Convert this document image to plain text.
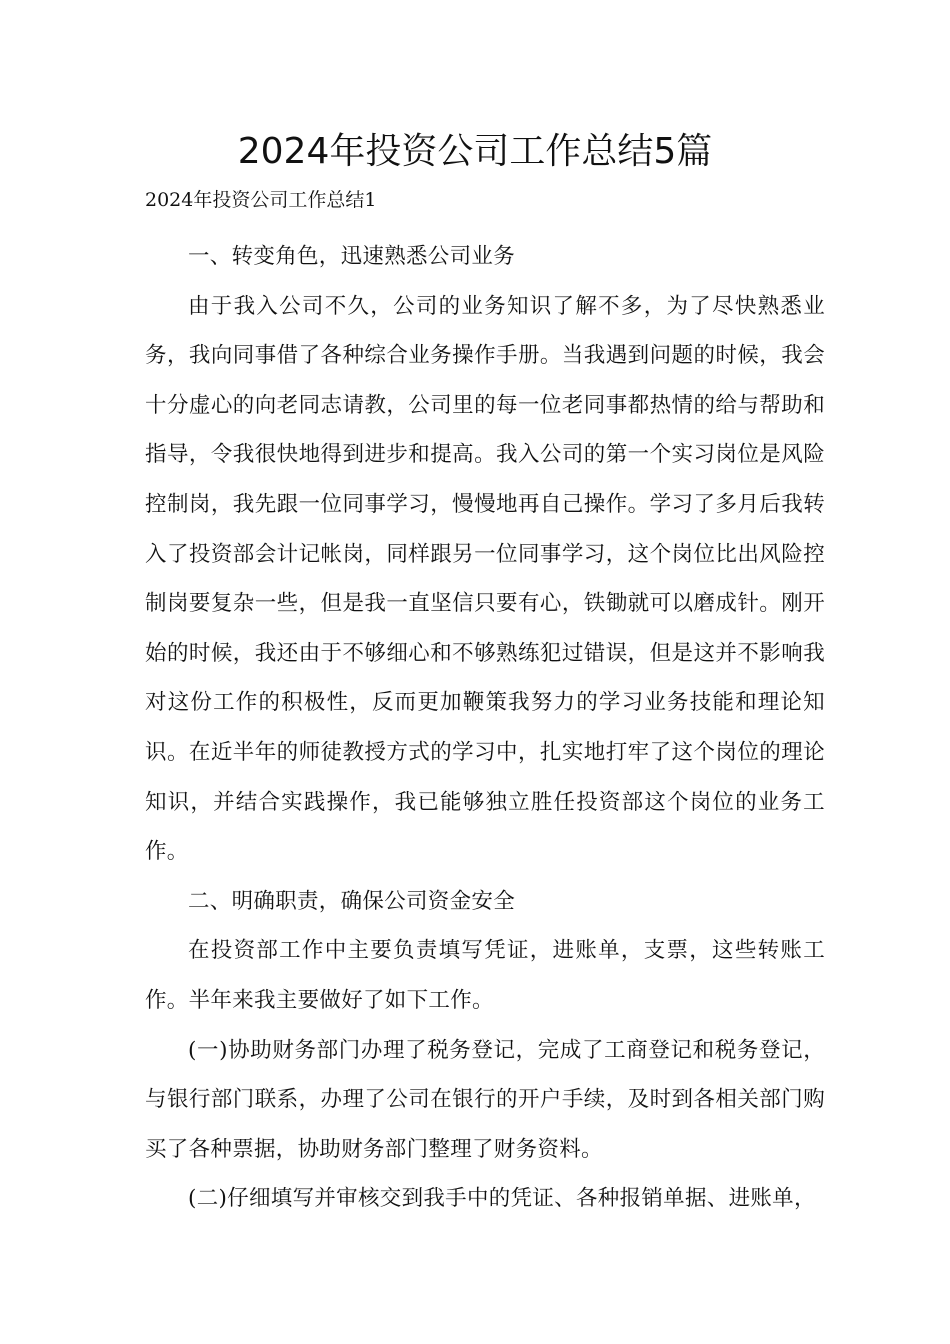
2024年投资公司工作总结5篇

2024年投资公司工作总结1

一、转变角色，迅速熟悉公司业务

由于我入公司不久，公司的业务知识了解不多，为了尽快熟悉业务，我向同事借了各种综合业务操作手册。当我遇到问题的时候，我会十分虚心的向老同志请教，公司里的每一位老同事都热情的给与帮助和指导，令我很快地得到进步和提高。我入公司的第一个实习岗位是风险控制岗，我先跟一位同事学习，慢慢地再自己操作。学习了多月后我转入了投资部会计记帐岗，同样跟另一位同事学习，这个岗位比出风险控制岗要复杂一些，但是我一直坚信只要有心，铁锄就可以磨成针。刚开始的时候，我还由于不够细心和不够熟练犯过错误，但是这并不影响我对这份工作的积极性，反而更加鞭策我努力的学习业务技能和理论知识。在近半年的师徒教授方式的学习中，扎实地打牢了这个岗位的理论知识，并结合实践操作，我已能够独立胜任投资部这个岗位的业务工作。

二、明确职责，确保公司资金安全

在投资部工作中主要负责填写凭证，进账单，支票，这些转账工作。半年来我主要做好了如下工作。

(一)协助财务部门办理了税务登记，完成了工商登记和税务登记，与银行部门联系，办理了公司在银行的开户手续，及时到各相关部门购买了各种票据，协助财务部门整理了财务资料。

(二)仔细填写并审核交到我手中的凭证、各种报销单据、进账单，
